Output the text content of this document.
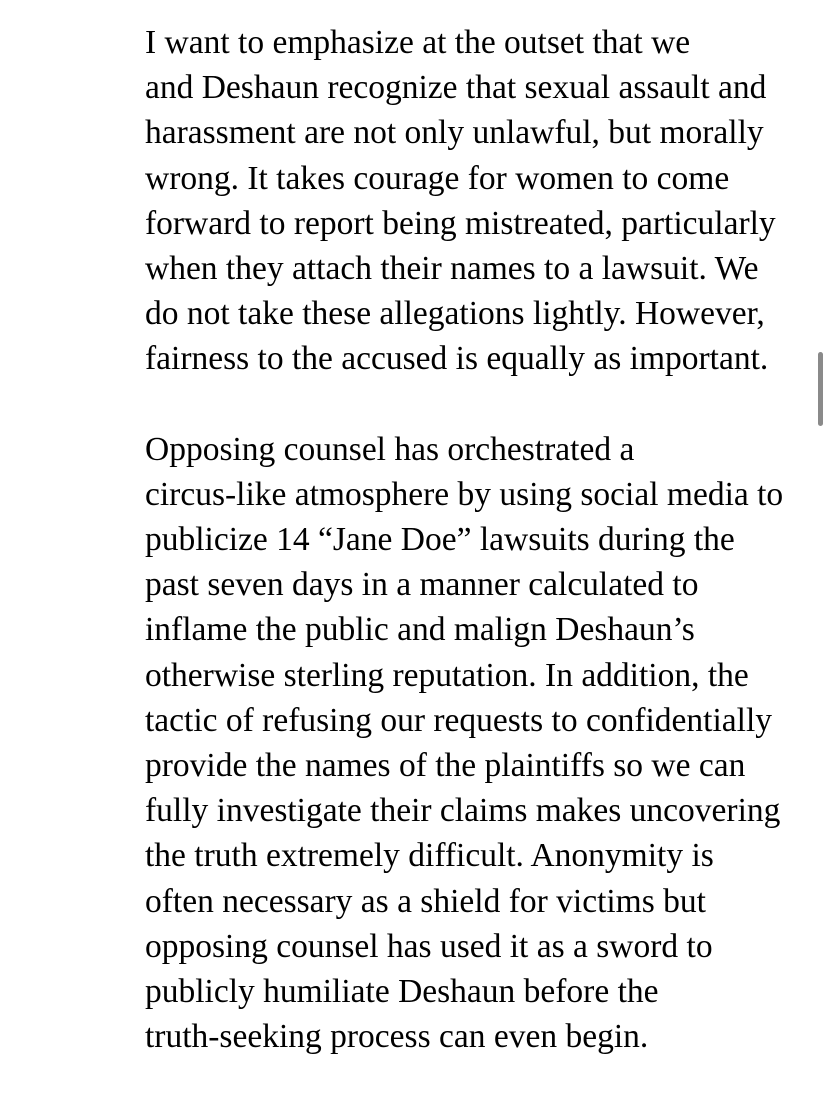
I want to emphasize at the outset that we
and Deshaun recognize that sexual assault and
harassment are not only unlawful, but morally
wrong. It takes courage for women to come
forward to report being mistreated, particularly
when they attach their names to a lawsuit. We
do not take these allegations lightly. However,
fairness to the accused is equally as important.

Opposing counsel has orchestrated a
circus-like atmosphere by using social media to
publicize 14 “Jane Doe” lawsuits during the
past seven days in a manner calculated to
inflame the public and malign Deshaun’s
otherwise sterling reputation. In addition, the
tactic of refusing our requests to confidentially
provide the names of the plaintiffs so we can
fully investigate their claims makes uncovering
the truth extremely difficult. Anonymity is
often necessary as a shield for victims but
opposing counsel has used it as a sword to
publicly humiliate Deshaun before the
truth-seeking process can even begin.
